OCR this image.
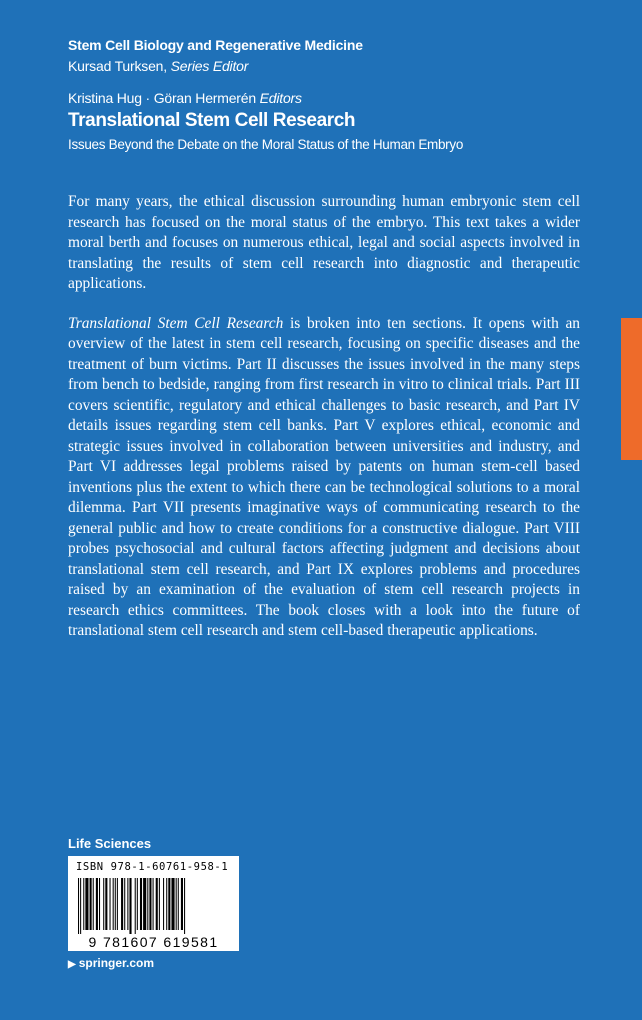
Stem Cell Biology and Regenerative Medicine
Kursad Turksen, Series Editor
Kristina Hug · Göran Hermerén Editors
Translational Stem Cell Research
Issues Beyond the Debate on the Moral Status of the Human Embryo

For many years, the ethical discussion surrounding human embryonic stem cell research has focused on the moral status of the embryo. This text takes a wider moral berth and focuses on numerous ethical, legal and social aspects involved in translating the results of stem cell research into diagnostic and therapeutic applications.

Translational Stem Cell Research is broken into ten sections. It opens with an overview of the latest in stem cell research, focusing on specific diseases and the treatment of burn victims. Part II discusses the issues involved in the many steps from bench to bedside, ranging from first research in vitro to clinical trials. Part III covers scientific, regulatory and ethical challenges to basic research, and Part IV details issues regarding stem cell banks. Part V explores ethical, economic and strategic issues involved in collaboration between universities and industry, and Part VI addresses legal problems raised by patents on human stem-cell based inventions plus the extent to which there can be technological solutions to a moral dilemma. Part VII presents imaginative ways of communicating research to the general public and how to create conditions for a constructive dialogue. Part VIII probes psychosocial and cultural factors affecting judgment and decisions about translational stem cell research, and Part IX explores problems and procedures raised by an examination of the evaluation of stem cell research projects in research ethics committees. The book closes with a look into the future of translational stem cell research and stem cell-based therapeutic applications.

Life Sciences
ISBN 978-1-60761-958-1
9 781607 619581
▶ springer.com
